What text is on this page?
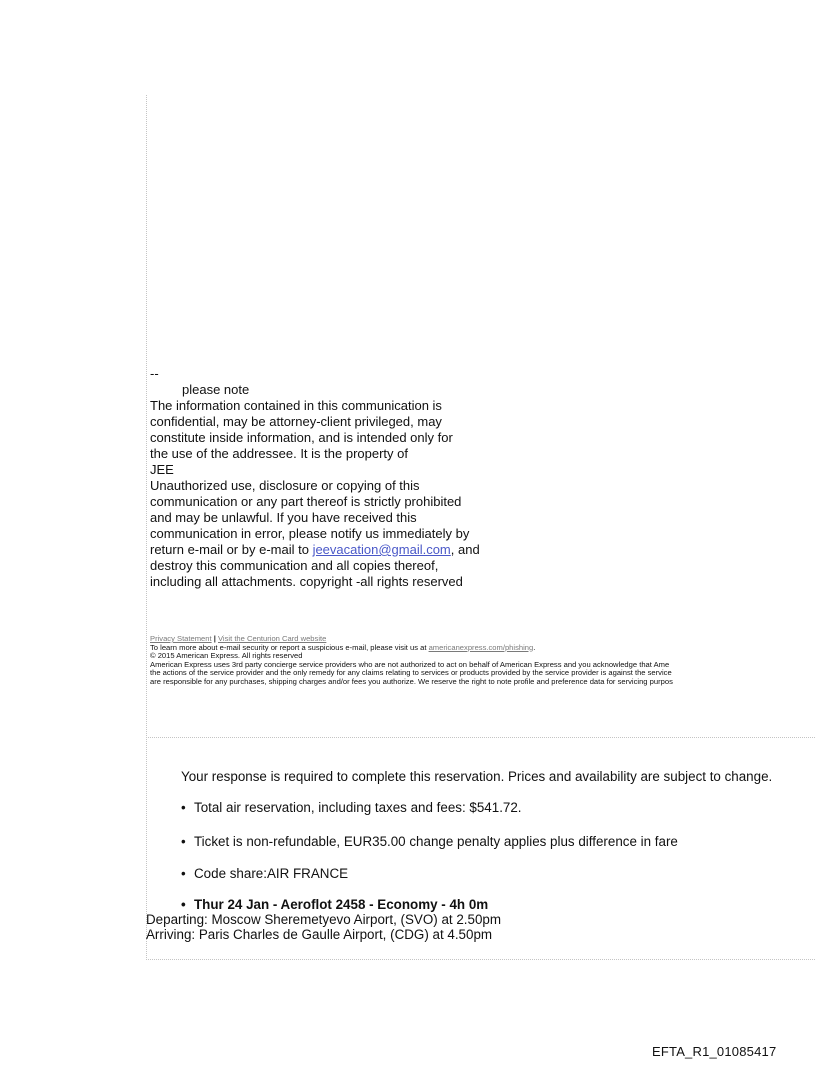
--
please note
The information contained in this communication is
confidential, may be attorney-client privileged, may
constitute inside information, and is intended only for
the use of the addressee. It is the property of
JEE
Unauthorized use, disclosure or copying of this
communication or any part thereof is strictly prohibited
and may be unlawful. If you have received this
communication in error, please notify us immediately by
return e-mail or by e-mail to jeevacation@gmail.com, and
destroy this communication and all copies thereof,
including all attachments. copyright -all rights reserved
Privacy Statement | Visit the Centurion Card website
To learn more about e-mail security or report a suspicious e-mail, please visit us at americanexpress.com/phishing.
© 2015 American Express. All rights reserved
American Express uses 3rd party concierge service providers who are not authorized to act on behalf of American Express and you acknowledge that Ame
the actions of the service provider and the only remedy for any claims relating to services or products provided by the service provider is against the service
are responsible for any purchases, shipping charges and/or fees you authorize. We reserve the right to note profile and preference data for servicing purpos
Your response is required to complete this reservation. Prices and availability are subject to change.
• Total air reservation, including taxes and fees: $541.72.
• Ticket is non-refundable, EUR35.00 change penalty applies plus difference in fare
• Code share:AIR FRANCE
• Thur 24 Jan - Aeroflot 2458 - Economy - 4h 0m
Departing: Moscow Sheremetyevo Airport, (SVO) at 2.50pm
Arriving: Paris Charles de Gaulle Airport, (CDG) at 4.50pm
EFTA_R1_01085417
